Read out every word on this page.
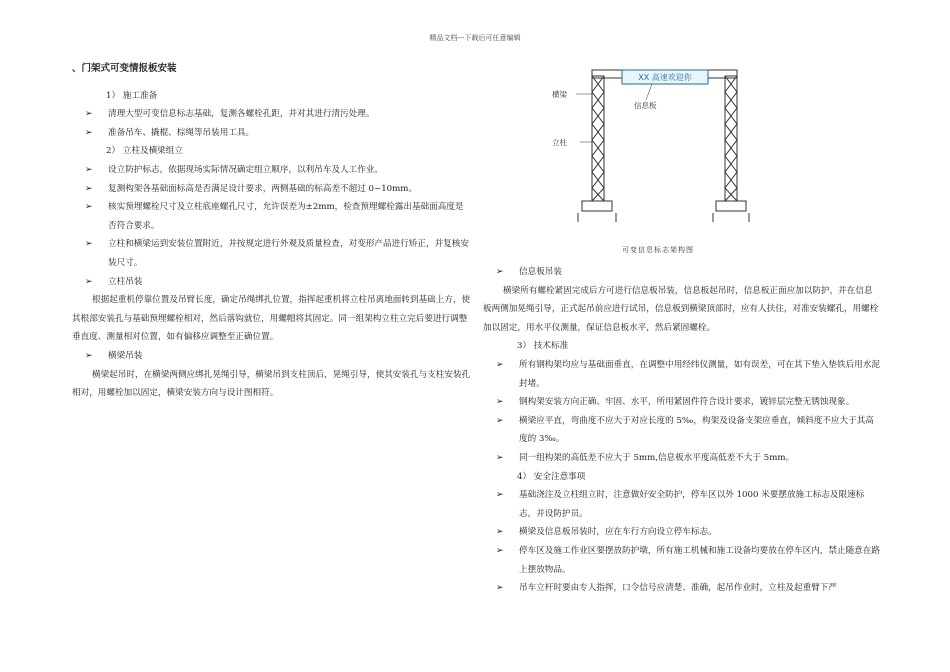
精品文档---下载后可任意编辑
、门架式可变情报板安装
1） 施工准备
➢ 清理大型可变信息标志基础，复测各螺栓孔距，并对其进行清污处理。
➢ 准备吊车、撬棍、棕绳等吊装用工具。
2） 立柱及横梁组立
➢ 设立防护标志，依据现场实际情况确定组立顺序，以利吊车及人工作业。
➢ 复测构架各基础面标高是否满足设计要求，两侧基础的标高差不超过 0~10mm。
➢ 核实预埋螺栓尺寸及立柱底座螺孔尺寸，允许误差为±2mm，检查预埋螺栓露出基础面高度是否符合要求。
➢ 立柱和横梁运到安装位置附近，并按规定进行外观及质量检查，对变形产品进行矫正，并复核安装尺寸。
➢ 立柱吊装
根据起重机停靠位置及吊臂长度，确定吊绳绑扎位置，指挥起重机将立柱吊离地面转到基础上方，使其根部安装孔与基础预埋螺栓相对，然后落钩就位，用螺帽将其固定。同一组架构立柱立完后要进行调整垂直度、测量相对位置，如有偏移应调整至正确位置。
➢ 横梁吊装
横梁起吊时，在横梁两侧应绑扎晃绳引导，横梁吊到支柱顶后，晃绳引导，使其安装孔与支柱安装孔相对，用螺栓加以固定，横梁安装方向与设计图相符。
XX 高速欢迎你
横梁
信息板
立柱
可变信息标志架构图
➢ 信息板吊装
横梁所有螺栓紧固完成后方可进行信息板吊装，信息板起吊时，信息板正面应加以防护，并在信息板两侧加晃绳引导，正式起吊前应进行试吊，信息板到横梁顶部时，应有人扶住，对准安装螺孔，用螺栓加以固定，用水平仪测量，保证信息板水平，然后紧固螺栓。
3） 技术标准
➢ 所有钢构架均应与基础面垂直，在调整中用经纬仪测量，如有误差，可在其下垫入垫铁后用水泥封堵。
➢ 钢构架安装方向正确、牢固、水平，所用紧固件符合设计要求，镀锌层完整无锈蚀现象。
➢ 横梁应平直，弯曲度不应大于对应长度的 5‰，构架及设备支架应垂直，倾斜度不应大于其高度的 3‰。
➢ 同一组构架的高低差不应大于 5mm,信息板水平度高低差不大于 5mm。
4） 安全注意事项
➢ 基础浇注及立柱组立时，注意做好安全防护，停车区以外 1000 米要摆放施工标志及限速标志，并设防护员。
➢ 横梁及信息板吊装时，应在车行方向设立停车标志。
➢ 停车区及施工作业区要摆放防护墩，所有施工机械和施工设备均要放在停车区内，禁止随意在路上摆放物品。
➢ 吊车立杆时要由专人指挥，口令信号应清楚、准确，起吊作业时，立柱及起重臂下严
